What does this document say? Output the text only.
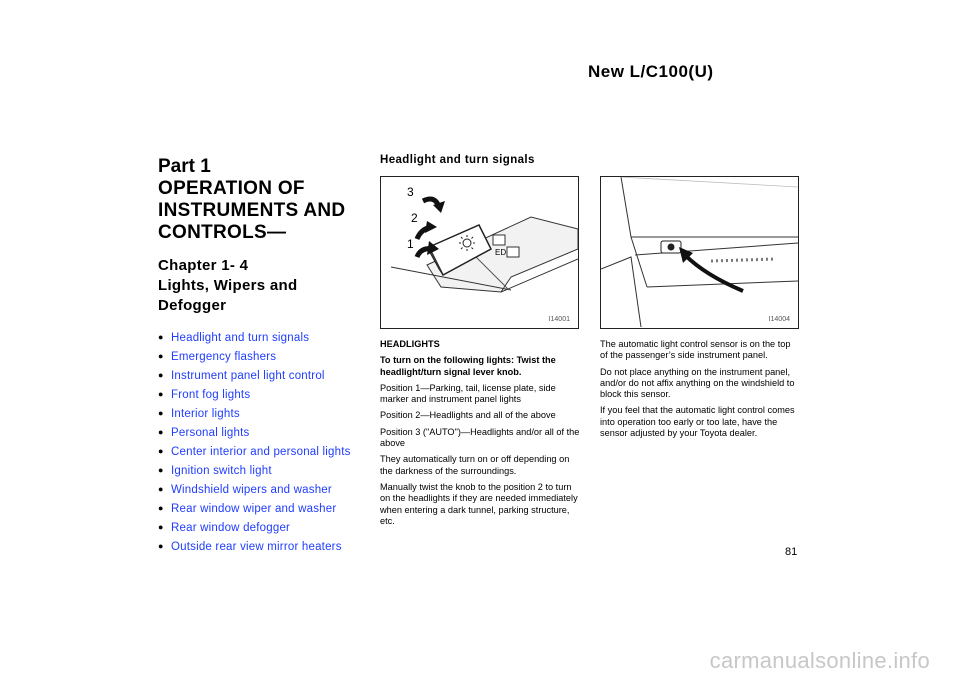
New L/C100(U)
Part 1
OPERATION OF
INSTRUMENTS AND
CONTROLS—
Chapter 1- 4
Lights, Wipers and
Defogger
● Headlight and turn signals
● Emergency flashers
● Instrument panel light control
● Front fog lights
● Interior lights
● Personal lights
● Center interior and personal lights
● Ignition switch light
● Windshield wipers and washer
● Rear window wiper and washer
● Rear window defogger
● Outside rear view mirror heaters
Headlight and turn signals
ED
3
2
1
I14001	I14004

HEADLIGHTS

To turn on the following lights: Twist the headlight/turn signal lever knob.

Position 1—Parking, tail, license plate, side marker and instrument panel lights

Position 2—Headlights and all of the above

Position 3 ("AUTO")—Headlights and/or all of the above

They automatically turn on or off depending on the darkness of the surroundings.

Manually twist the knob to the position 2 to turn on the headlights if they are needed immediately when entering a dark tunnel, parking structure, etc.

The automatic light control sensor is on the top of the passenger’s side instrument panel.

Do not place anything on the instrument panel, and/or do not affix anything on the windshield to block this sensor.

If you feel that the automatic light control comes into operation too early or too late, have the sensor adjusted by your Toyota dealer.

81
carmanualsonline.info
